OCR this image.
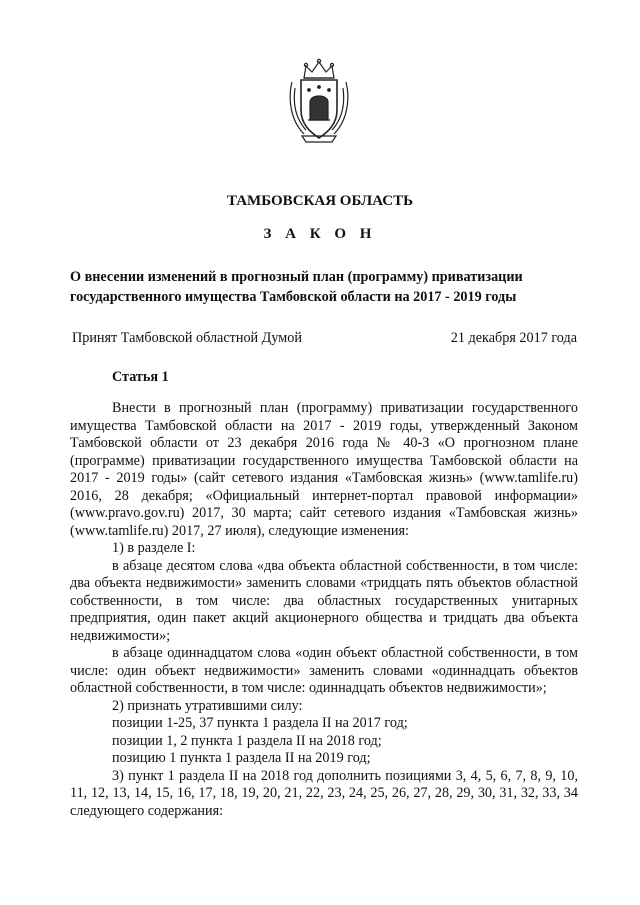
ТАМБОВСКАЯ ОБЛАСТЬ
З А К О Н

О внесении изменений в прогнозный план (программу) приватизации

государственного имущества Тамбовской области на 2017 - 2019 годы

Принят Тамбовской областной Думой	21 декабря 2017 года
Статья 1

Внести в прогнозный план (программу) приватизации государственного имущества Тамбовской области на 2017 - 2019 годы, утвержденный Законом Тамбовской области от 23 декабря 2016 года № 40-З «О прогнозном плане (программе) приватизации государственного имущества Тамбовской области на 2017 - 2019 годы» (сайт сетевого издания «Тамбовская жизнь» (www.tamlife.ru) 2016, 28 декабря; «Официальный интернет-портал правовой информации» (www.pravo.gov.ru) 2017, 30 марта; сайт сетевого издания «Тамбовская жизнь» (www.tamlife.ru) 2017, 27 июля), следующие изменения:

1) в разделе I:

в абзаце десятом слова «два объекта областной собственности, в том числе: два объекта недвижимости» заменить словами «тридцать пять объектов областной собственности, в том числе: два областных государственных унитарных предприятия, один пакет акций акционерного общества и тридцать два объекта недвижимости»;

в абзаце одиннадцатом слова «один объект областной собственности, в том числе: один объект недвижимости» заменить словами «одиннадцать объектов областной собственности, в том числе: одиннадцать объектов недвижимости»;

2) признать утратившими силу:

позиции 1-25, 37 пункта 1 раздела II на 2017 год;

позиции 1, 2 пункта 1 раздела II на 2018 год;

позицию 1 пункта 1 раздела II на 2019 год;

3) пункт 1 раздела II на 2018 год дополнить позициями 3, 4, 5, 6, 7, 8, 9, 10, 11, 12, 13, 14, 15, 16, 17, 18, 19, 20, 21, 22, 23, 24, 25, 26, 27, 28, 29, 30, 31, 32, 33, 34 следующего содержания:
